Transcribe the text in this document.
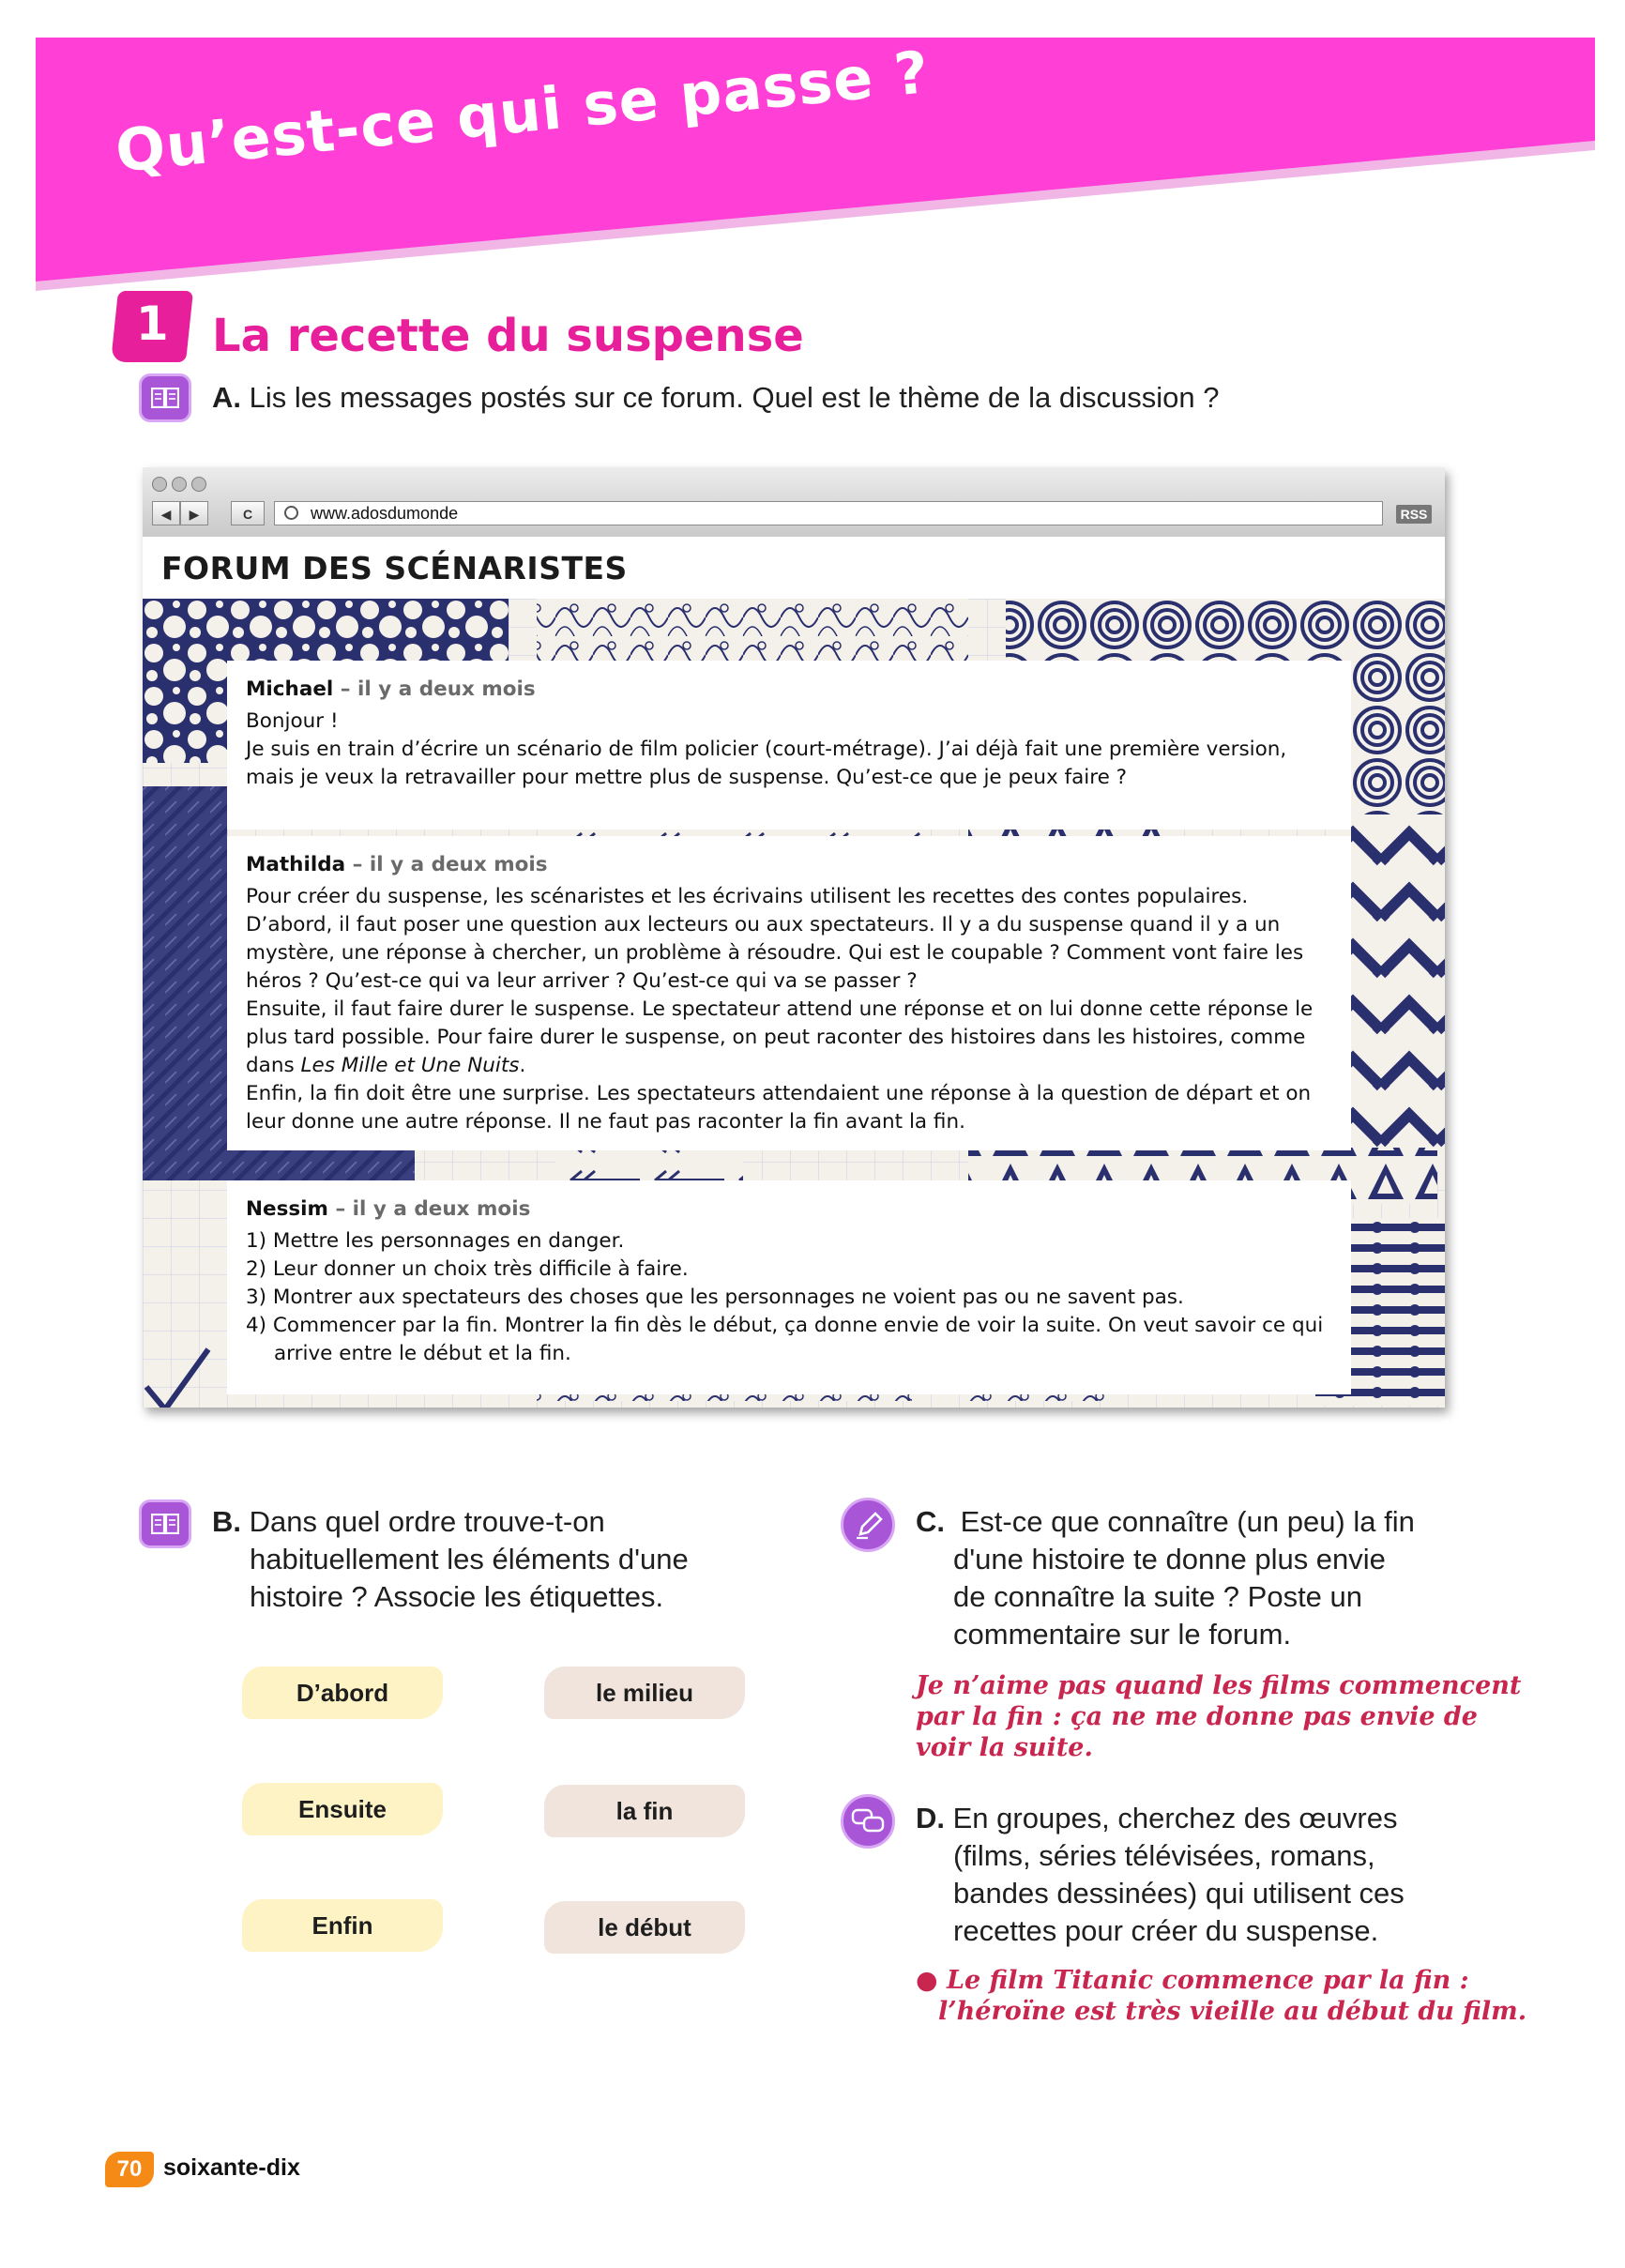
Qu’est-ce qui se passe ?
1 La recette du suspense
A. Lis les messages postés sur ce forum. Quel est le thème de la discussion ?
◀	▶	C	www.adosdumonde	RSS
FORUM DES SCÉNARISTES
Michael – il y a deux mois

Bonjour !

Je suis en train d’écrire un scénario de film policier (court-métrage). J’ai déjà fait une première version, mais je veux la retravailler pour mettre plus de suspense. Qu’est-ce que je peux faire ?

Mathilda – il y a deux mois

Pour créer du suspense, les scénaristes et les écrivains utilisent les recettes des contes populaires.

D’abord, il faut poser une question aux lecteurs ou aux spectateurs. Il y a du suspense quand il y a un mystère, une réponse à chercher, un problème à résoudre. Qui est le coupable ? Comment vont faire les héros ? Qu’est-ce qui va leur arriver ? Qu’est-ce qui va se passer ?

Ensuite, il faut faire durer le suspense. Le spectateur attend une réponse et on lui donne cette réponse le plus tard possible. Pour faire durer le suspense, on peut raconter des histoires dans les histoires, comme dans Les Mille et Une Nuits.

Enfin, la fin doit être une surprise. Les spectateurs attendaient une réponse à la question de départ et on leur donne une autre réponse. Il ne faut pas raconter la fin avant la fin.

Nessim – il y a deux mois
1) Mettre les personnages en danger.
2) Leur donner un choix très difficile à faire.
3) Montrer aux spectateurs des choses que les personnages ne voient pas ou ne savent pas.
4) Commencer par la fin. Montrer la fin dès le début, ça donne envie de voir la suite. On veut savoir ce qui arrive entre le début et la fin.
B. Dans quel ordre trouve-t-on
habituellement les éléments d'une
histoire ? Associe les étiquettes.
D’abord
Ensuite
Enfin
le milieu
la fin
le début
C. Est-ce que connaître (un peu) la fin
d'une histoire te donne plus envie
de connaître la suite ? Poste un
commentaire sur le forum.
Je n’aime pas quand les films commencent
par la fin : ça ne me donne pas envie de
voir la suite.
D. En groupes, cherchez des œuvres
(films, séries télévisées, romans,
bandes dessinées) qui utilisent ces
recettes pour créer du suspense.
● Le film Titanic commence par la fin :
l’héroïne est très vieille au début du film.
70 soixante-dix
